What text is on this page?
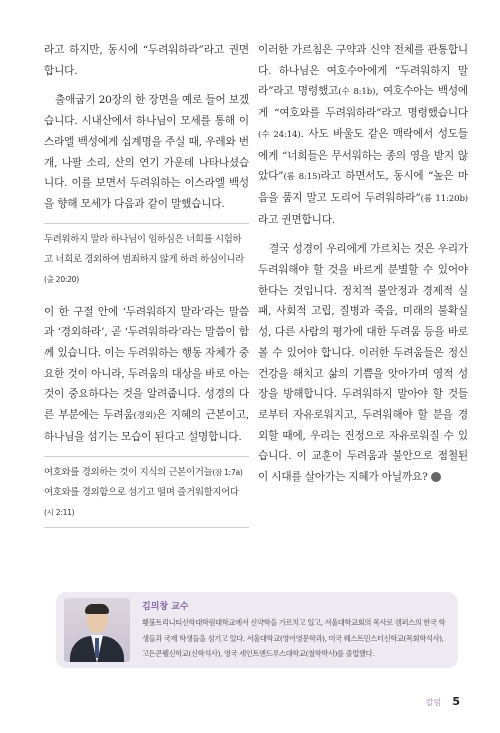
라고 하지만, 동시에 “두려워하라”라고 권면합니다.

출애굽기 20장의 한 장면을 예로 들어 보겠습니다. 시내산에서 하나님이 모세를 통해 이스라엘 백성에게 십계명을 주실 때, 우레와 번개, 나팔 소리, 산의 연기 가운데 나타나셨습니다. 이를 보면서 두려워하는 이스라엘 백성을 향해 모세가 다음과 같이 말했습니다.

두려워하지 말라 하나님이 임하심은 너희를 시험하고 너희로 경외하여 범죄하지 않게 하려 하심이니라 (출 20:20)

이 한 구절 안에 ‘두려워하지 말라’라는 말씀과 ‘경외하라’, 곧 ‘두려워하라’라는 말씀이 함께 있습니다. 이는 두려워하는 행동 자체가 중요한 것이 아니라, 두려움의 대상을 바로 아는 것이 중요하다는 것을 알려줍니다. 성경의 다른 부분에는 두려움(경외)은 지혜의 근본이고, 하나님을 섬기는 모습이 된다고 설명합니다.

여호와를 경외하는 것이 지식의 근본이거늘(잠 1:7a)
여호와를 경외함으로 섬기고 떨며 즐거워할지어다
(시 2:11)

이러한 가르침은 구약과 신약 전체를 관통합니다. 하나님은 여호수아에게 “두려워하지 말라”라고 명령했고(수 8:1b), 여호수아는 백성에게 “여호와를 두려워하라”라고 명령했습니다(수 24:14). 사도 바울도 같은 맥락에서 성도들에게 “너희들은 무서워하는 종의 영을 받지 않았다”(롬 8:15)라고 하면서도, 동시에 “높은 마음을 품지 말고 도리어 두려워하라”(롬 11:20b)라고 권면합니다.

결국 성경이 우리에게 가르치는 것은 우리가 두려워해야 할 것을 바르게 분별할 수 있어야 한다는 것입니다. 정치적 불안정과 경제적 실패, 사회적 고립, 질병과 죽음, 미래의 불확실성, 다른 사람의 평가에 대한 두려움 등을 바로 볼 수 있어야 합니다. 이러한 두려움들은 정신 건강을 해치고 삶의 기쁨을 앗아가며 영적 성장을 방해합니다. 두려워하지 말아야 할 것들로부터 자유로워지고, 두려워해야 할 분을 경외할 때에, 우리는 진정으로 자유로워질 수 있습니다. 이 교훈이 두려움과 불안으로 점철된 이 시대를 살아가는 지혜가 아닐까요? CM

김의창 교수
횃불트리니티신학대학원대학교에서 신약학을 가르치고 있고, 서울대학교회의 목사로 캠퍼스의 한국 학생들과 국제 학생들을 섬기고 있다. 서울대학교(영어영문학과), 미국 웨스트민스터신학교(목회학석사), 고든콘웰신학교(신학석사), 영국 세인트앤드루스대학교(철학박사)를 졸업했다.
칼럼 5
